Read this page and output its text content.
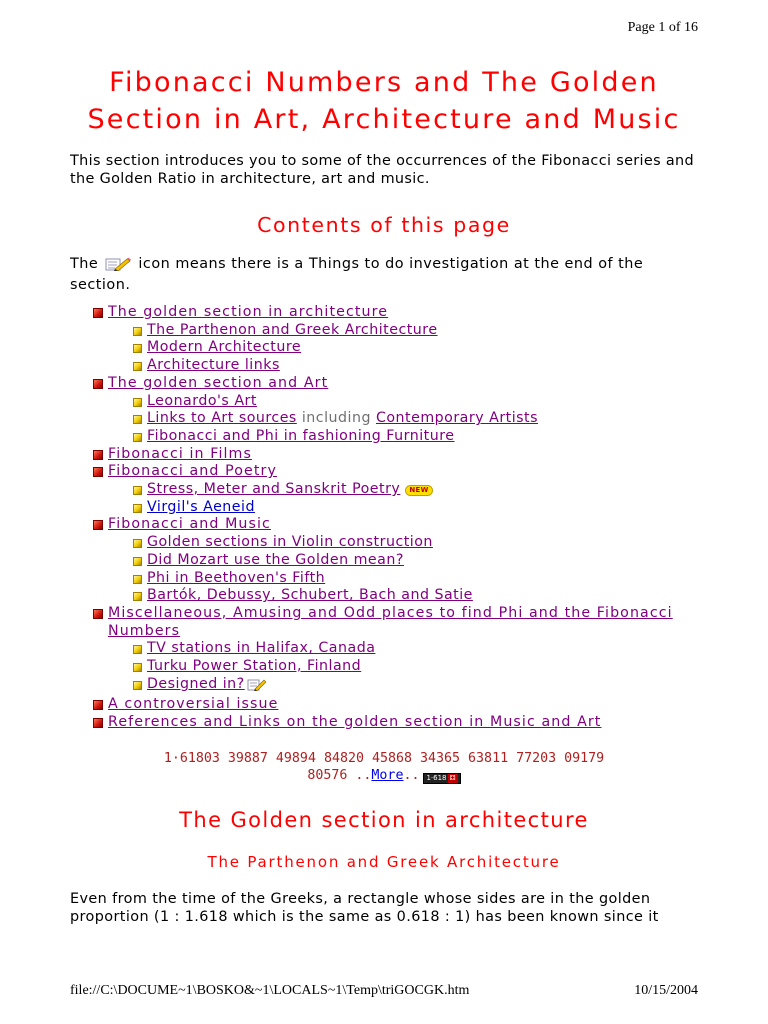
Page 1 of 16
Fibonacci Numbers and The Golden Section in Art, Architecture and Music

This section introduces you to some of the occurrences of the Fibonacci series and the Golden Ratio in architecture, art and music.

Contents of this page

The	icon means there is a Things to do investigation at the end of the section.

The golden section in architecture
The Parthenon and Greek Architecture
Modern Architecture
Architecture links
The golden section and Art
Leonardo's Art
Links to Art sources including Contemporary Artists
Fibonacci and Phi in fashioning Furniture
Fibonacci in Films
Fibonacci and Poetry
Stress, Meter and Sanskrit Poetry NEW
Virgil's Aeneid
Fibonacci and Music
Golden sections in Violin construction
Did Mozart use the Golden mean?
Phi in Beethoven's Fifth
Bartók, Debussy, Schubert, Bach and Satie
Miscellaneous, Amusing and Odd places to find Phi and the Fibonacci Numbers
TV stations in Halifax, Canada
Turku Power Station, Finland
Designed in?
A controversial issue
References and Links on the golden section in Music and Art
1·61803 39887 49894 84820 45868 34365 63811 77203 09179
80576 ..More.. 1·618 ⚃
The Golden section in architecture
The Parthenon and Greek Architecture

Even from the time of the Greeks, a rectangle whose sides are in the golden proportion (1 : 1.618 which is the same as 0.618 : 1) has been known since it

file://C:\DOCUME~1\BOSKO&~1\LOCALS~1\Temp\triGOCGK.htm	10/15/2004
